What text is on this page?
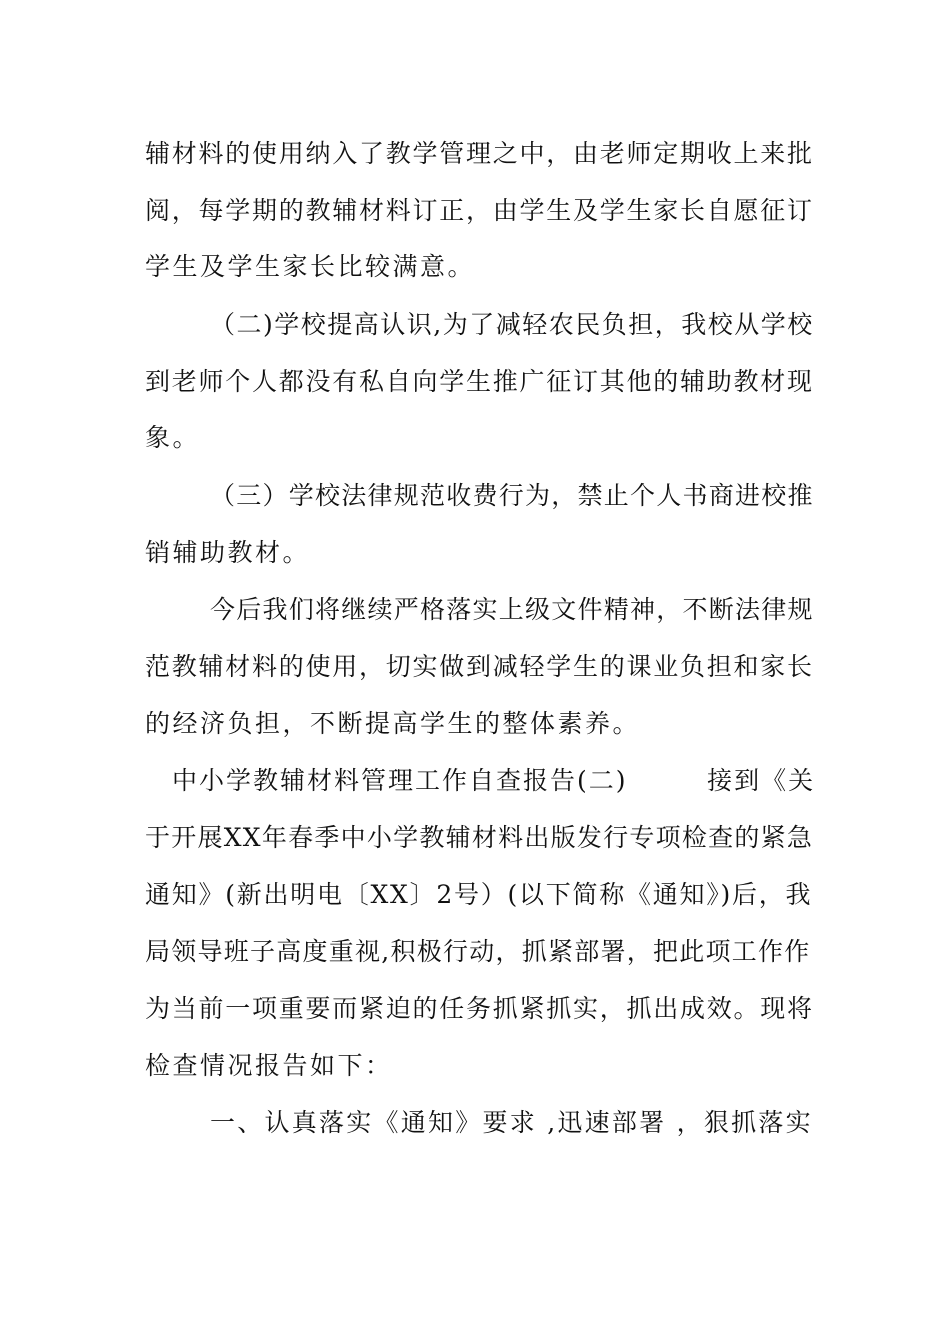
辅材料的使用纳入了教学管理之中，由老师定期收上来批
阅，每学期的教辅材料订正，由学生及学生家长自愿征订
学生及学生家长比较满意。
（二)学校提高认识,为了减轻农民负担，我校从学校
到老师个人都没有私自向学生推广征订其他的辅助教材现
象。
（三）学校法律规范收费行为，禁止个人书商进校推
销辅助教材。
今后我们将继续严格落实上级文件精神，不断法律规
范教辅材料的使用，切实做到减轻学生的课业负担和家长
的经济负担，不断提高学生的整体素养。
中小学教辅材料管理工作自查报告(二)        接到《关
于开展XX年春季中小学教辅材料出版发行专项检查的紧急
通知》(新出明电〔XX〕2号）(以下简称《通知》)后，我
局领导班子高度重视,积极行动，抓紧部署，把此项工作作
为当前一项重要而紧迫的任务抓紧抓实，抓出成效。现将
检查情况报告如下：
一、认真落实《通知》要求 ,迅速部署 ，狠抓落实
